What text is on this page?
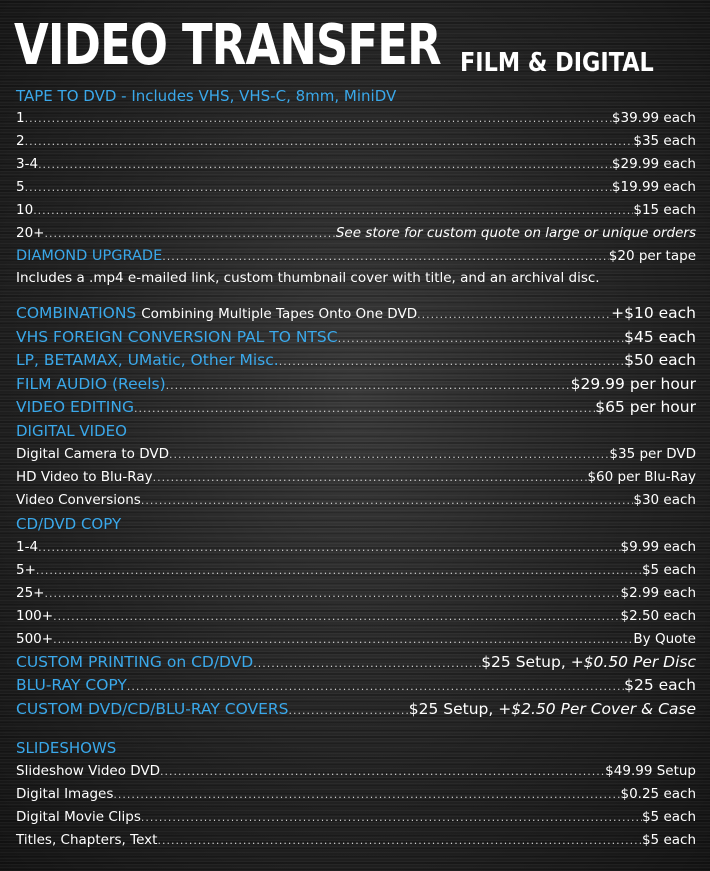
VIDEO TRANSFER FILM & DIGITAL
TAPE TO DVD - Includes VHS, VHS-C, 8mm, MiniDV
1 .....	$39.99 each
2 .....	$35 each
3-4 .....	$29.99 each
5 .....	$19.99 each
10 .....	$15 each
20+ .....	See store for custom quote on large or unique orders
DIAMOND UPGRADE .....	$20 per tape
Includes a .mp4 e-mailed link, custom thumbnail cover with title, and an archival disc.
COMBINATIONS Combining Multiple Tapes Onto One DVD .....	+$10 each
VHS FOREIGN CONVERSION PAL TO NTSC .....	$45 each
LP, BETAMAX, UMatic, Other Misc. .....	$50 each
FILM AUDIO (Reels) .....	$29.99 per hour
VIDEO EDITING .....	$65 per hour
DIGITAL VIDEO
Digital Camera to DVD .....	$35 per DVD
HD Video to Blu-Ray .....	$60 per Blu-Ray
Video Conversions .....	$30 each
CD/DVD COPY
1-4 .....	$9.99 each
5+ .....	$5 each
25+ .....	$2.99 each
100+ .....	$2.50 each
500+ .....	By Quote
CUSTOM PRINTING on CD/DVD .....	$25 Setup, +$0.50 Per Disc
BLU-RAY COPY .....	$25 each
CUSTOM DVD/CD/BLU-RAY COVERS .....	$25 Setup, +$2.50 Per Cover & Case
SLIDESHOWS
Slideshow Video DVD .....	$49.99 Setup
Digital Images .....	$0.25 each
Digital Movie Clips .....	$5 each
Titles, Chapters, Text .....	$5 each
